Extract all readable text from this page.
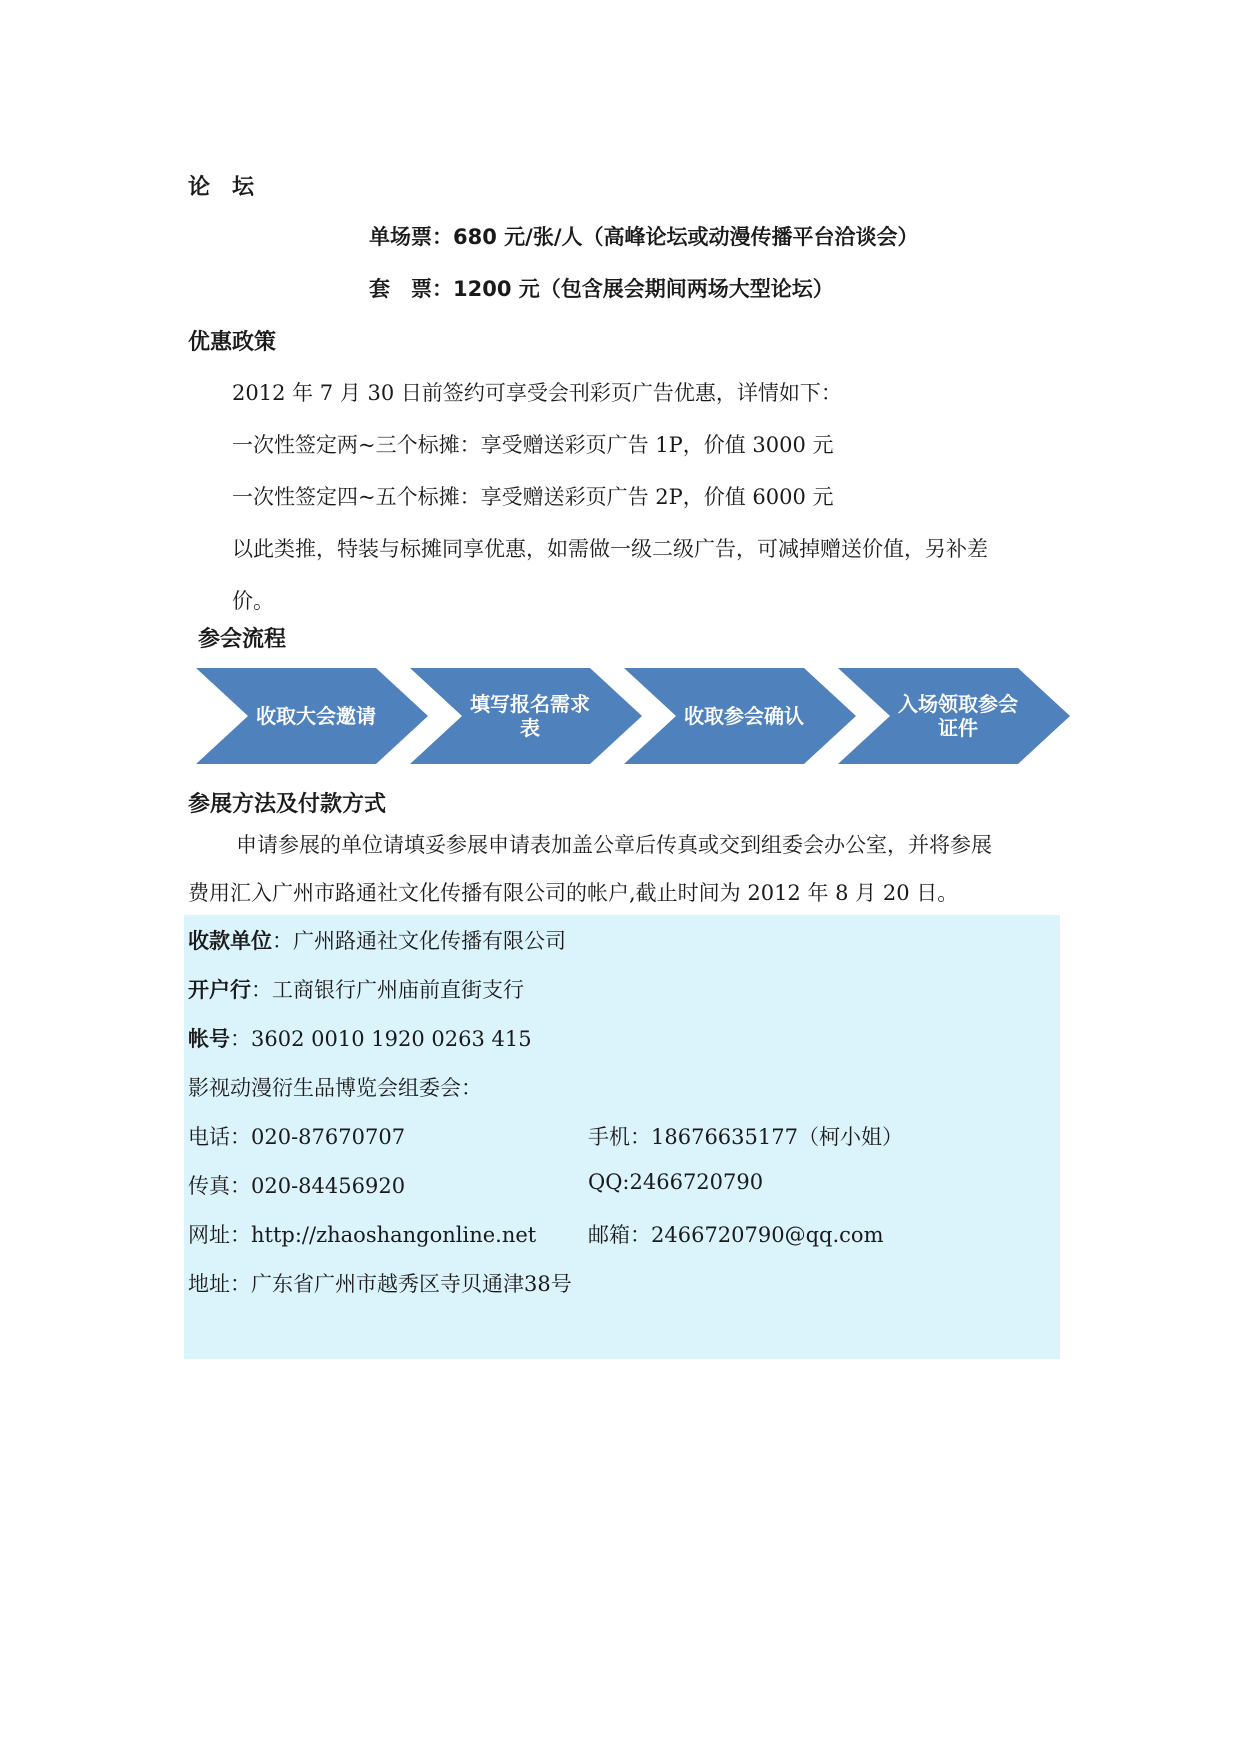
论　坛
单场票：680 元/张/人（高峰论坛或动漫传播平台洽谈会）
套　票：1200 元（包含展会期间两场大型论坛）
优惠政策
2012 年 7 月 30 日前签约可享受会刊彩页广告优惠，详情如下：
一次性签定两~三个标摊：享受赠送彩页广告 1P，价值 3000 元
一次性签定四~五个标摊：享受赠送彩页广告 2P，价值 6000 元
以此类推，特装与标摊同享优惠，如需做一级二级广告，可减掉赠送价值，另补差
价。
参会流程
收取大会邀请	填写报名需求
表	收取参会确认	入场领取参会
证件
参展方法及付款方式
申请参展的单位请填妥参展申请表加盖公章后传真或交到组委会办公室，并将参展
费用汇入广州市路通社文化传播有限公司的帐户,截止时间为 2012 年 8 月 20 日。
收款单位：广州路通社文化传播有限公司
开户行：工商银行广州庙前直街支行
帐号：3602 0010 1920 0263 415
影视动漫衍生品博览会组委会：
电话：020-87670707	手机：18676635177（柯小姐）
传真：020-84456920	QQ:2466720790
网址：http://zhaoshangonline.net 邮箱：2466720790@qq.com
地址：广东省广州市越秀区寺贝通津38号
